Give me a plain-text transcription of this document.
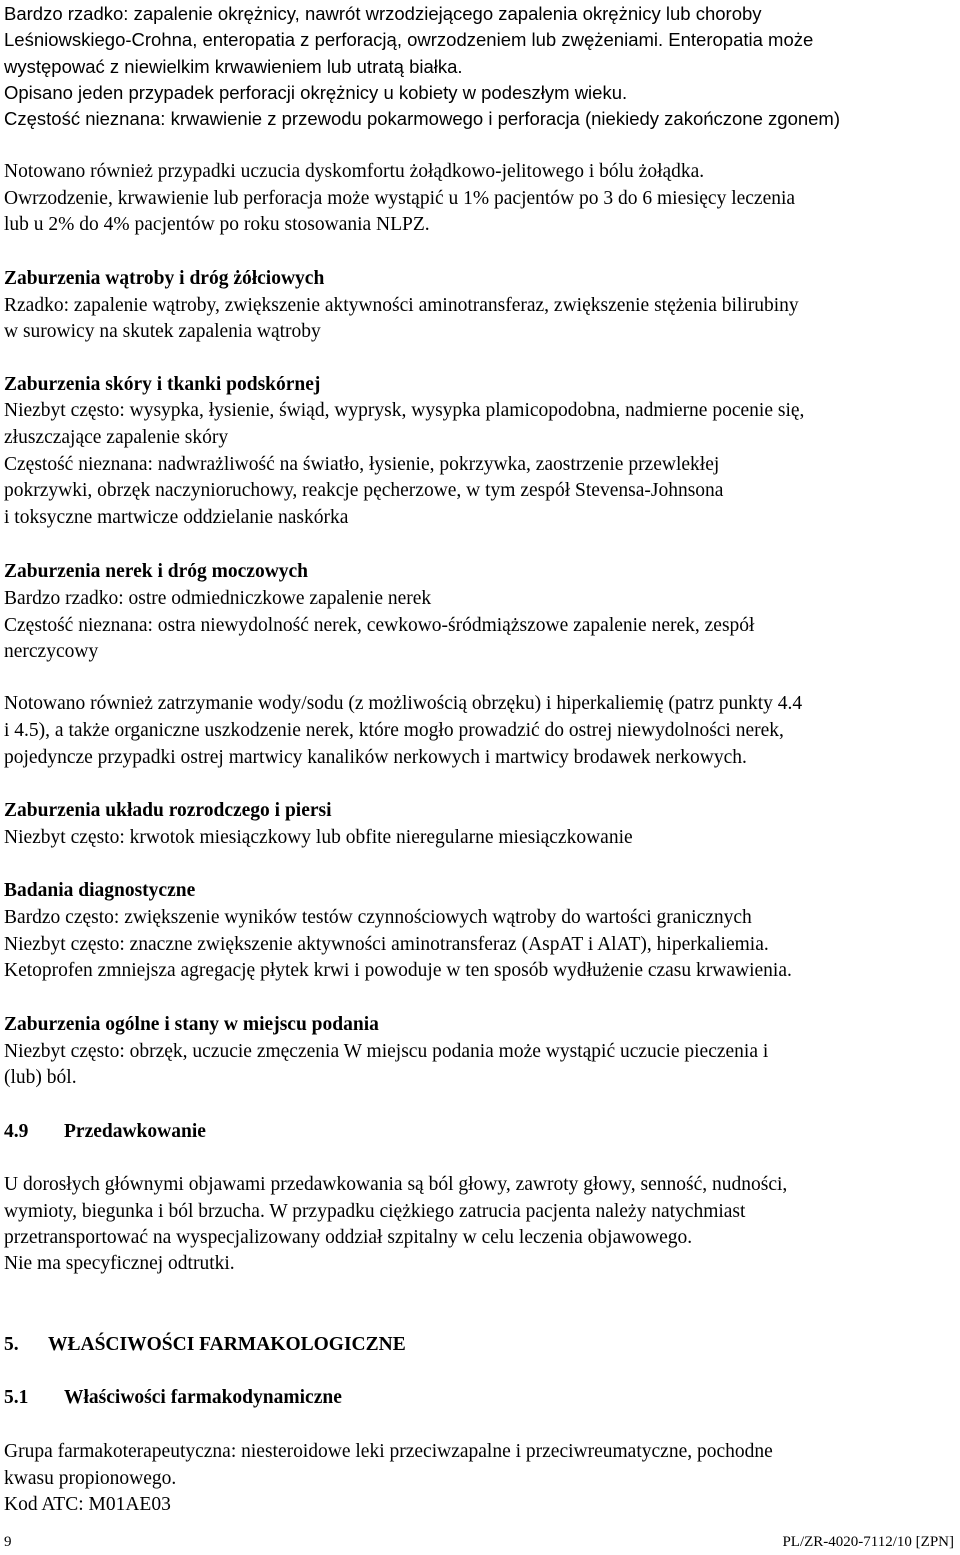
Bardzo rzadko: zapalenie okrężnicy, nawrót wrzodziejącego zapalenia okrężnicy lub choroby
Leśniowskiego-Crohna, enteropatia z perforacją, owrzodzeniem lub zwężeniami. Enteropatia może
występować z niewielkim krwawieniem lub utratą białka.
Opisano jeden przypadek perforacji okrężnicy u kobiety w podeszłym wieku.
Częstość nieznana: krwawienie z przewodu pokarmowego i perforacja (niekiedy zakończone zgonem)
Notowano również przypadki uczucia dyskomfortu żołądkowo-jelitowego i bólu żołądka.
Owrzodzenie, krwawienie lub perforacja może wystąpić u 1% pacjentów po 3 do 6 miesięcy leczenia
lub u 2% do 4% pacjentów po roku stosowania NLPZ.
Zaburzenia wątroby i dróg żółciowych
Rzadko: zapalenie wątroby, zwiększenie aktywności aminotransferaz, zwiększenie stężenia bilirubiny
w surowicy na skutek zapalenia wątroby
Zaburzenia skóry i tkanki podskórnej
Niezbyt często: wysypka, łysienie, świąd, wyprysk, wysypka plamicopodobna, nadmierne pocenie się,
złuszczające zapalenie skóry
Częstość nieznana: nadwrażliwość na światło, łysienie, pokrzywka, zaostrzenie przewlekłej
pokrzywki, obrzęk naczynioruchowy, reakcje pęcherzowe, w tym zespół Stevensa-Johnsona
i toksyczne martwicze oddzielanie naskórka
Zaburzenia nerek i dróg moczowych
Bardzo rzadko: ostre odmiedniczkowe zapalenie nerek
Częstość nieznana: ostra niewydolność nerek, cewkowo-śródmiąższowe zapalenie nerek, zespół
nerczycowy
Notowano również zatrzymanie wody/sodu (z możliwością obrzęku) i hiperkaliemię (patrz punkty 4.4
i 4.5), a także organiczne uszkodzenie nerek, które mogło prowadzić do ostrej niewydolności nerek,
pojedyncze przypadki ostrej martwicy kanalików nerkowych i martwicy brodawek nerkowych.
Zaburzenia układu rozrodczego i piersi
Niezbyt często: krwotok miesiączkowy lub obfite nieregularne miesiączkowanie
Badania diagnostyczne
Bardzo często: zwiększenie wyników testów czynnościowych wątroby do wartości granicznych
Niezbyt często: znaczne zwiększenie aktywności aminotransferaz (AspAT i AlAT), hiperkaliemia.
Ketoprofen zmniejsza agregację płytek krwi i powoduje w ten sposób wydłużenie czasu krwawienia.
Zaburzenia ogólne i stany w miejscu podania
Niezbyt często: obrzęk, uczucie zmęczenia W miejscu podania może wystąpić uczucie pieczenia i
(lub) ból.
4.9 Przedawkowanie
U dorosłych głównymi objawami przedawkowania są ból głowy, zawroty głowy, senność, nudności,
wymioty, biegunka i ból brzucha. W przypadku ciężkiego zatrucia pacjenta należy natychmiast
przetransportować na wyspecjalizowany oddział szpitalny w celu leczenia objawowego.
Nie ma specyficznej odtrutki.
5. WŁAŚCIWOŚCI FARMAKOLOGICZNE
5.1 Właściwości farmakodynamiczne
Grupa farmakoterapeutyczna: niesteroidowe leki przeciwzapalne i przeciwreumatyczne, pochodne
kwasu propionowego.
Kod ATC: M01AE03
9	PL/ZR-4020-7112/10 [ZPN]
